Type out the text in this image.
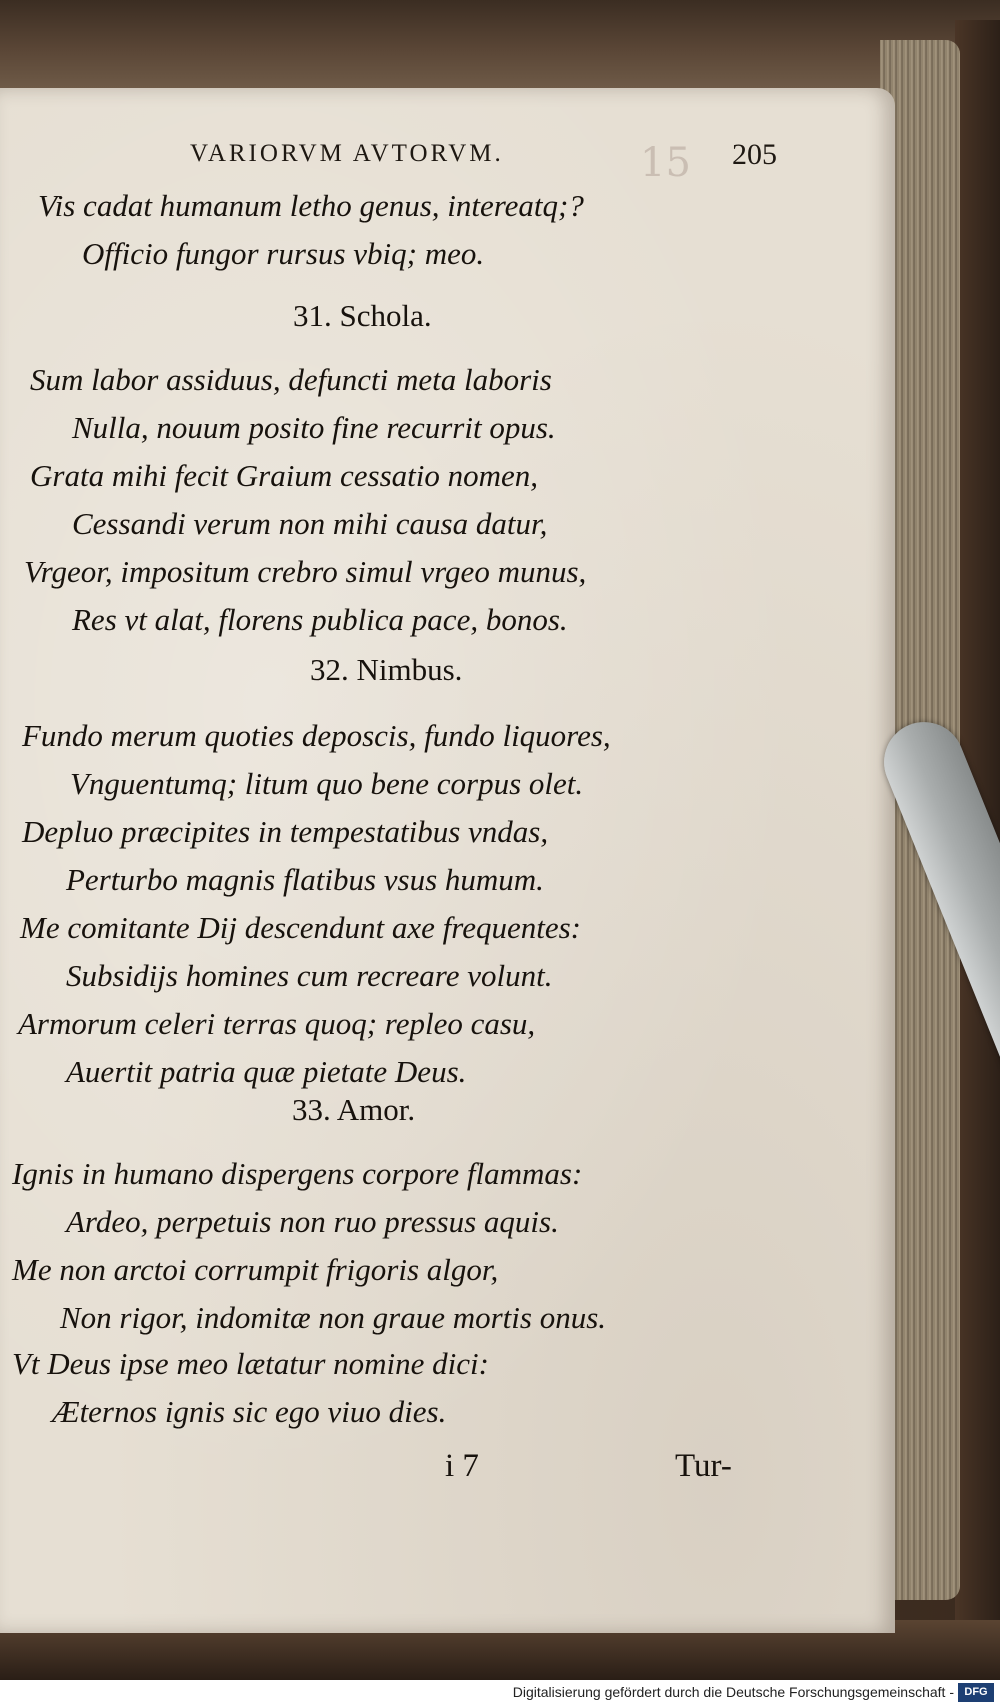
VARIORVM AVTORVM.	205
15
Vis cadat humanum letho genus, intereatq;?
Officio fungor rursus vbiq; meo.
31. Schola.
Sum labor assiduus, defuncti meta laboris
Nulla, nouum posito fine recurrit opus.
Grata mihi fecit Graium cessatio nomen,
Cessandi verum non mihi causa datur,
Vrgeor, impositum crebro simul vrgeo munus,
Res vt alat, florens publica pace, bonos.
32. Nimbus.
Fundo merum quoties deposcis, fundo liquores,
Vnguentumq; litum quo bene corpus olet.
Depluo præcipites in tempestatibus vndas,
Perturbo magnis flatibus vsus humum.
Me comitante Dij descendunt axe frequentes:
Subsidijs homines cum recreare volunt.
Armorum celeri terras quoq; repleo casu,
Auertit patria quæ pietate Deus.
33. Amor.
Ignis in humano dispergens corpore flammas:
Ardeo, perpetuis non ruo pressus aquis.
Me non arctoi corrumpit frigoris algor,
Non rigor, indomitæ non graue mortis onus.
Vt Deus ipse meo lætatur nomine dici:
Æternos ignis sic ego viuo dies.
i 7	Tur-
Digitalisierung gefördert durch die Deutsche Forschungsgemeinschaft - DFG
